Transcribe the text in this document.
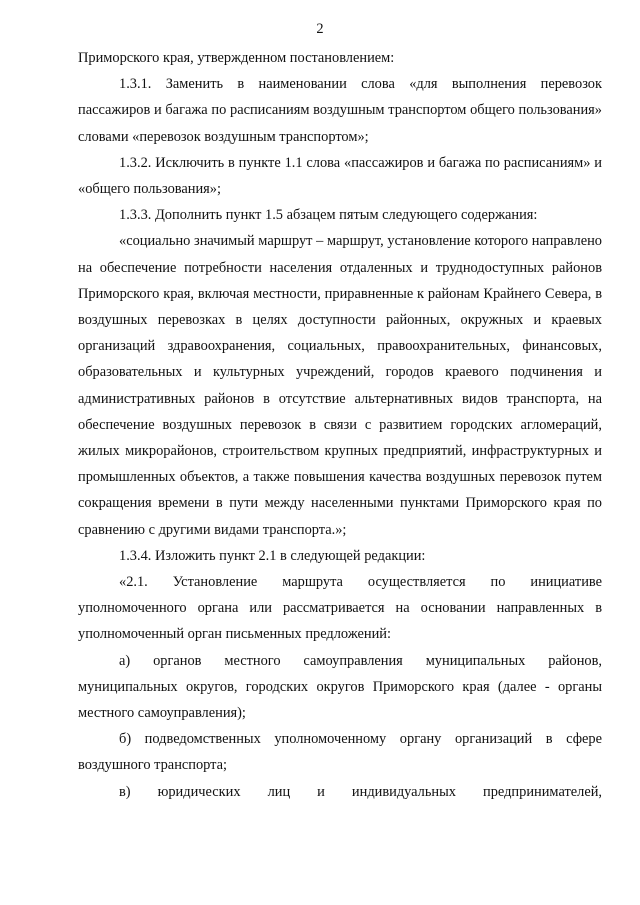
2

Приморского края, утвержденном постановлением:

1.3.1. Заменить в наименовании слова «для выполнения перевозок пассажиров и багажа по расписаниям воздушным транспортом общего пользования» словами «перевозок воздушным транспортом»;

1.3.2. Исключить в пункте 1.1 слова «пассажиров и багажа по расписаниям» и «общего пользования»;

1.3.3. Дополнить пункт 1.5 абзацем пятым следующего содержания:

«социально значимый маршрут – маршрут, установление которого направлено на обеспечение потребности населения отдаленных и труднодоступных районов Приморского края, включая местности, приравненные к районам Крайнего Севера, в воздушных перевозках в целях доступности районных, окружных и краевых организаций здравоохранения, социальных, правоохранительных, финансовых, образовательных и культурных учреждений, городов краевого подчинения и административных районов в отсутствие альтернативных видов транспорта, на обеспечение воздушных перевозок в связи с развитием городских агломераций, жилых микрорайонов, строительством крупных предприятий, инфраструктурных и промышленных объектов, а также повышения качества воздушных перевозок путем сокращения времени в пути между населенными пунктами Приморского края по сравнению с другими видами транспорта.»;

1.3.4. Изложить пункт 2.1 в следующей редакции:

«2.1. Установление маршрута осуществляется по инициативе уполномоченного органа или рассматривается на основании направленных в уполномоченный орган письменных предложений:

а) органов местного самоуправления муниципальных районов, муниципальных округов, городских округов Приморского края (далее - органы местного самоуправления);

б) подведомственных уполномоченному органу организаций в сфере воздушного транспорта;

в) юридических лиц и индивидуальных предпринимателей,
